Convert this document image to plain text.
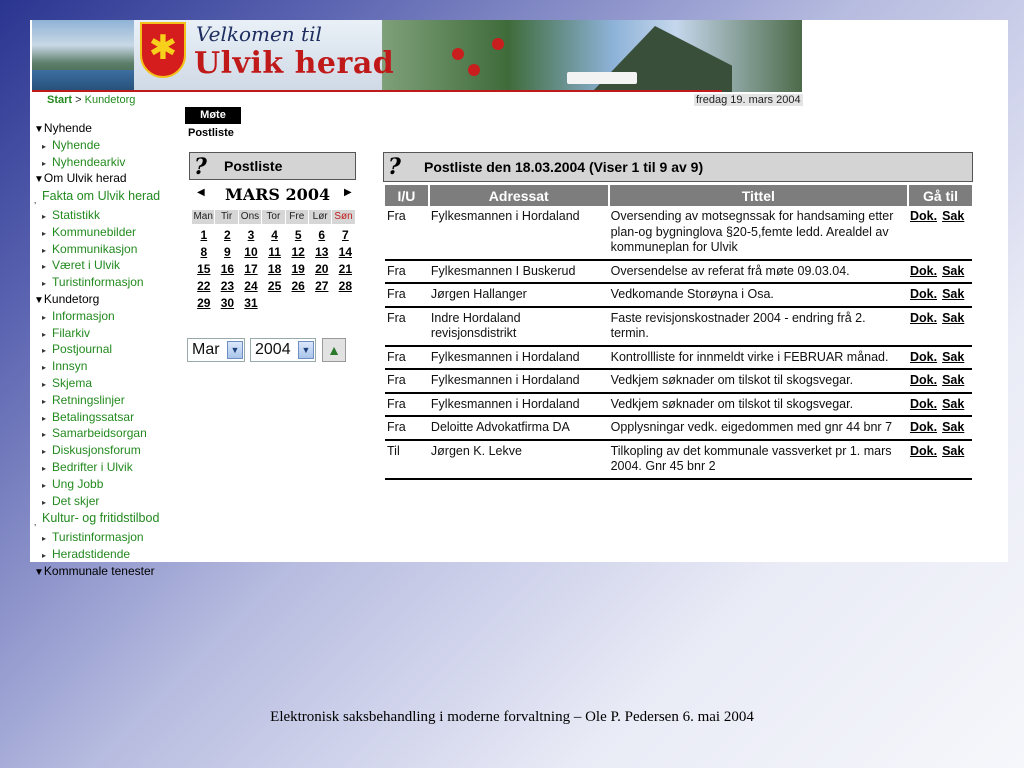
✱ Velkomen til
Ulvik herad
Start > Kundetorg	fredag 19. mars 2004
Møte
Postliste
▼Nyhende
▸ Nyhende
▸ Nyhendearkiv
▼Om Ulvik herad
‚ Fakta om Ulvik herad
▸ Statistikk
▸ Kommunebilder
▸ Kommunikasjon
▸ Været i Ulvik
▸ Turistinformasjon
▼Kundetorg
▸ Informasjon
▸ Filarkiv
▸ Postjournal
▸ Innsyn
▸ Skjema
▸ Retningslinjer
▸ Betalingssatsar
▸ Samarbeidsorgan
▸ Diskusjonsforum
▸ Bedrifter i Ulvik
▸ Ung Jobb
▸ Det skjer
‚ Kultur- og fritidstilbod
▸ Turistinformasjon
▸ Heradstidende
▼Kommunale tenester
? Postliste
◀ MARS 2004 ▶
Man Tir Ons Tor Fre Lør Søn
1	2	3	4	5	6	7
8	9	10 11 12 13 14
15 16 17 18 19 20 21
22 23 24 25 26 27 28
29 30 31
Mar	▼ 2004	▼	▲
? Postliste den 18.03.2004 (Viser 1 til 9 av 9)
I/U	Adressat	Tittel	Gå til
Fra	Fylkesmannen i Hordaland	Oversending av motsegnssak for handsaming etter plan-og bygninglova §20-5,femte ledd. Arealdel av kommuneplan for Ulvik	Dok. Sak
Fra	Fylkesmannen I Buskerud	Oversendelse av referat frå møte 09.03.04.	Dok. Sak
Fra	Jørgen Hallanger	Vedkomande Storøyna i Osa.	Dok. Sak
Fra	Indre Hordaland revisjonsdistrikt	Faste revisjonskostnader 2004 - endring frå 2. termin.	Dok. Sak
Fra	Fylkesmannen i Hordaland	Kontrollliste for innmeldt virke i FEBRUAR månad.	Dok. Sak
Fra	Fylkesmannen i Hordaland	Vedkjem søknader om tilskot til skogsvegar.	Dok. Sak
Fra	Fylkesmannen i Hordaland	Vedkjem søknader om tilskot til skogsvegar.	Dok. Sak
Fra	Deloitte Advokatfirma DA	Opplysningar vedk. eigedommen med gnr 44 bnr 7	Dok. Sak
Til	Jørgen K. Lekve	Tilkopling av det kommunale vassverket pr 1. mars 2004. Gnr 45 bnr 2	Dok. Sak
Elektronisk saksbehandling i moderne forvaltning – Ole P. Pedersen 6. mai 2004
